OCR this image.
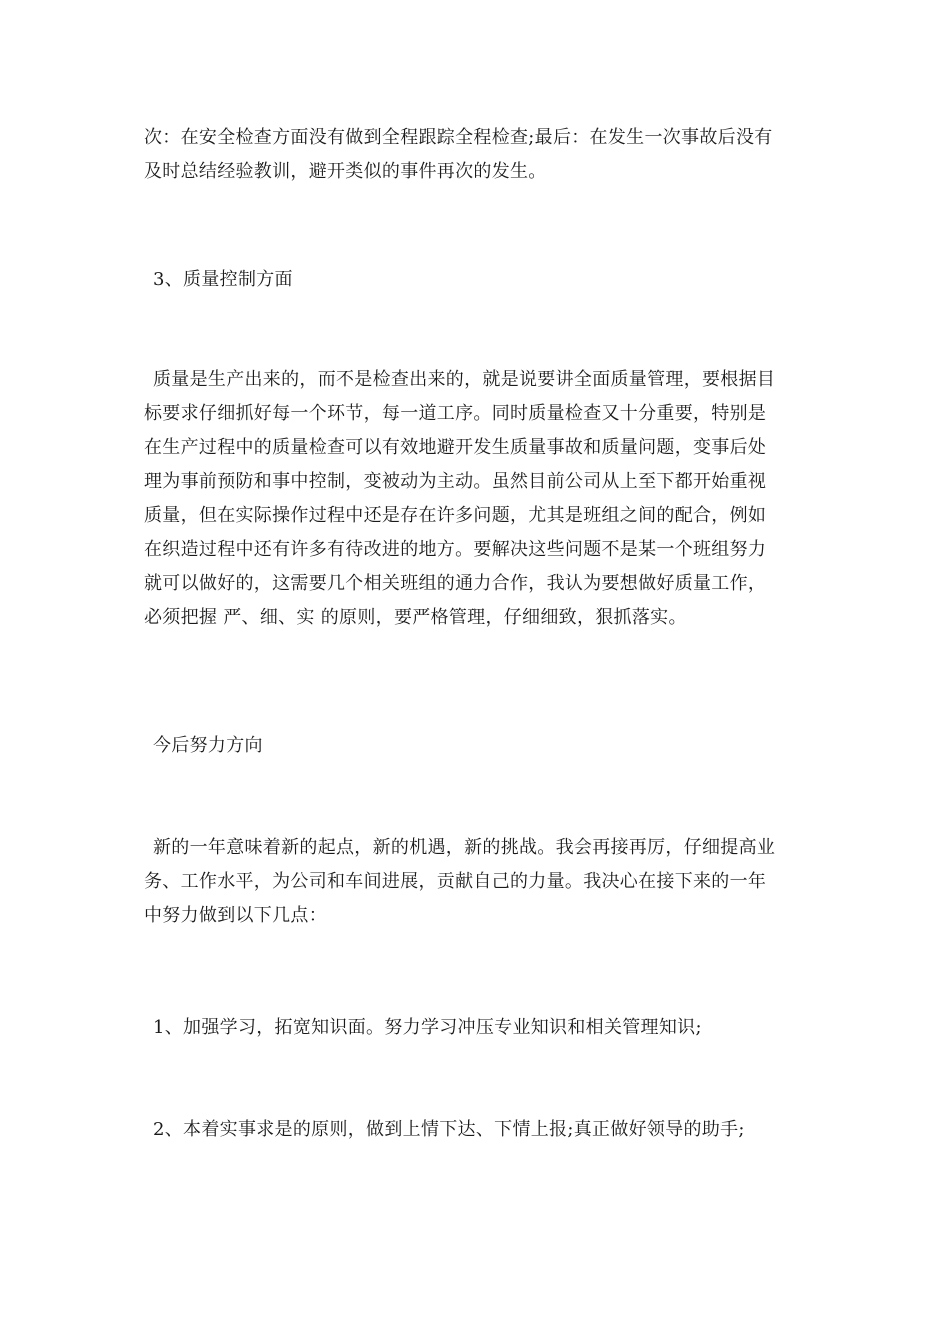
次：在安全检查方面没有做到全程跟踪全程检查;最后：在发生一次事故后没有
及时总结经验教训，避开类似的事件再次的发生。

3、质量控制方面

质量是生产出来的，而不是检查出来的，就是说要讲全面质量管理，要根据目
标要求仔细抓好每一个环节，每一道工序。同时质量检查又十分重要，特别是
在生产过程中的质量检查可以有效地避开发生质量事故和质量问题，变事后处
理为事前预防和事中控制，变被动为主动。虽然目前公司从上至下都开始重视
质量，但在实际操作过程中还是存在许多问题，尤其是班组之间的配合，例如
在织造过程中还有许多有待改进的地方。要解决这些问题不是某一个班组努力
就可以做好的，这需要几个相关班组的通力合作，我认为要想做好质量工作，
必须把握 严、细、实 的原则，要严格管理，仔细细致，狠抓落实。

今后努力方向

新的一年意味着新的起点，新的机遇，新的挑战。我会再接再厉，仔细提高业
务、工作水平，为公司和车间进展，贡献自己的力量。我决心在接下来的一年
中努力做到以下几点：

1、加强学习，拓宽知识面。努力学习冲压专业知识和相关管理知识;

2、本着实事求是的原则，做到上情下达、下情上报;真正做好领导的助手;
